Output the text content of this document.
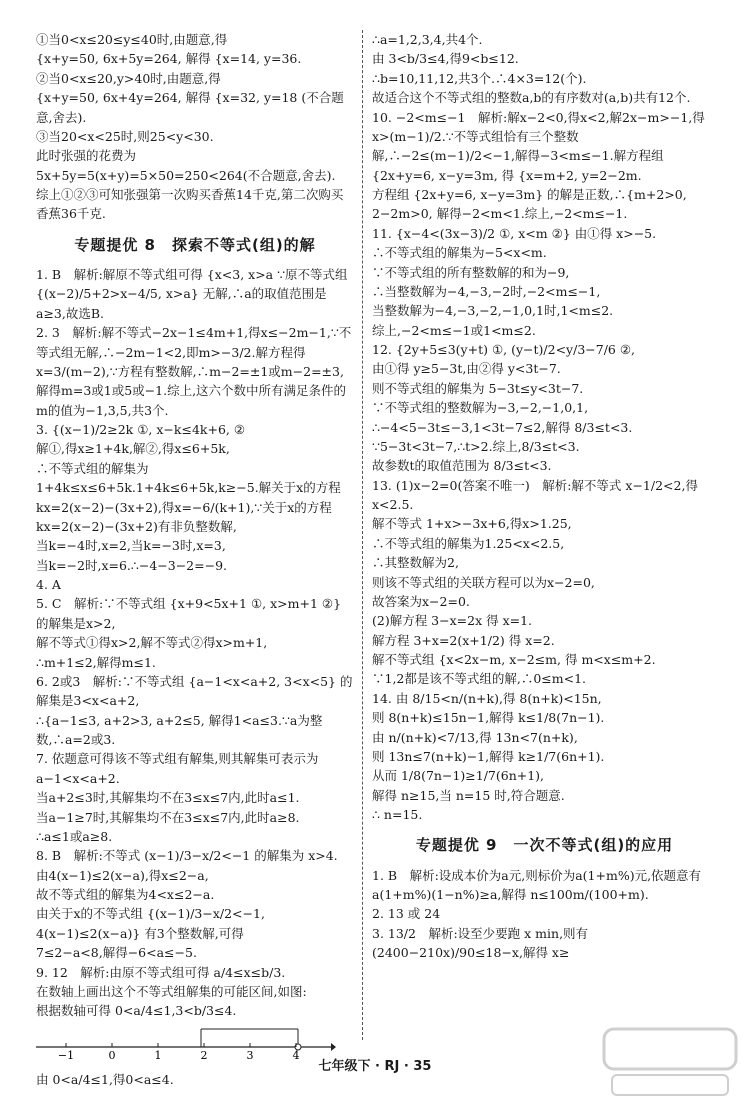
①当0<x≤20≤y≤40时,由题意,得
{x+y=50, 6x+5y=264, 解得 {x=14, y=36.
②当0<x≤20,y>40时,由题意,得
{x+y=50, 6x+4y=264, 解得 {x=32, y=18 (不合题意,舍去).
③当20<x<25时,则25<y<30.
此时张强的花费为5x+5y=5(x+y)=5×50=250<264(不合题意,舍去).
综上①②③可知张强第一次购买香蕉14千克,第二次购买香蕉36千克.
专题提优 8　探索不等式(组)的解
1. B　解析:解原不等式组可得 {x<3, x>a ∵原不等式组 {(x−2)/5+2>x−4/5, x>a} 无解,∴a的取值范围是a≥3,故选B.
2. 3　解析:解不等式−2x−1≤4m+1,得x≤−2m−1,∵不等式组无解,∴−2m−1<2,即m>−3/2.解方程得 x=3/(m−2),∵方程有整数解,∴m−2=±1或m−2=±3,解得m=3或1或5或−1.综上,这六个数中所有满足条件的m的值为−1,3,5,共3个.
3. {(x−1)/2≥2k ①, x−k≤4k+6, ②
解①,得x≥1+4k,解②,得x≤6+5k,
∴不等式组的解集为1+4k≤x≤6+5k.1+4k≤6+5k,k≥−5.解关于x的方程kx=2(x−2)−(3x+2),得x=−6/(k+1),∵关于x的方程kx=2(x−2)−(3x+2)有非负整数解,
当k=−4时,x=2,当k=−3时,x=3,
当k=−2时,x=6.∴−4−3−2=−9.
4. A
5. C　解析:∵不等式组 {x+9<5x+1 ①, x>m+1 ②} 的解集是x>2,
解不等式①得x>2,解不等式②得x>m+1,
∴m+1≤2,解得m≤1.
6. 2或3　解析:∵不等式组 {a−1<x<a+2, 3<x<5} 的解集是3<x<a+2,
∴{a−1≤3, a+2>3, a+2≤5, 解得1<a≤3.∵a为整数,∴a=2或3.
7. 依题意可得该不等式组有解集,则其解集可表示为a−1<x<a+2.
当a+2≤3时,其解集均不在3≤x≤7内,此时a≤1.
当a−1≥7时,其解集均不在3≤x≤7内,此时a≥8.
∴a≤1或a≥8.
8. B　解析:不等式 (x−1)/3−x/2<−1 的解集为 x>4.
由4(x−1)≤2(x−a),得x≤2−a,
故不等式组的解集为4<x≤2−a.
由关于x的不等式组 {(x−1)/3−x/2<−1, 4(x−1)≤2(x−a)} 有3个整数解,可得
7≤2−a<8,解得−6<a≤−5.
9. 12　解析:由原不等式组可得 a/4≤x≤b/3.
在数轴上画出这个不等式组解集的可能区间,如图:
根据数轴可得 0<a/4≤1,3<b/3≤4.
−1	0	1	2	3	4
由 0<a/4≤1,得0<a≤4.
∴a=1,2,3,4,共4个.
由 3<b/3≤4,得9<b≤12.
∴b=10,11,12,共3个.∴4×3=12(个).
故适合这个不等式组的整数a,b的有序数对(a,b)共有12个.
10. −2<m≤−1　解析:解x−2<0,得x<2,解2x−m>−1,得x>(m−1)/2.∵不等式组恰有三个整数解,∴−2≤(m−1)/2<−1,解得−3<m≤−1.解方程组 {2x+y=6, x−y=3m, 得 {x=m+2, y=2−2m.
方程组 {2x+y=6, x−y=3m} 的解是正数,∴{m+2>0, 2−2m>0, 解得−2<m<1.综上,−2<m≤−1.
11. {x−4<(3x−3)/2 ①, x<m ②} 由①得 x>−5.
∴不等式组的解集为−5<x<m.
∵不等式组的所有整数解的和为−9,
∴当整数解为−4,−3,−2时,−2<m≤−1,
当整数解为−4,−3,−2,−1,0,1时,1<m≤2.
综上,−2<m≤−1或1<m≤2.
12. {2y+5≤3(y+t) ①, (y−t)/2<y/3−7/6 ②,
由①得 y≥5−3t,由②得 y<3t−7.
则不等式组的解集为 5−3t≤y<3t−7.
∵不等式组的整数解为−3,−2,−1,0,1,
∴−4<5−3t≤−3,1<3t−7≤2,解得 8/3≤t<3.
∵5−3t<3t−7,∴t>2.综上,8/3≤t<3.
故参数t的取值范围为 8/3≤t<3.
13. (1)x−2=0(答案不唯一)　解析:解不等式 x−1/2<2,得x<2.5.
解不等式 1+x>−3x+6,得x>1.25,
∴不等式组的解集为1.25<x<2.5,
∴其整数解为2,
则该不等式组的关联方程可以为x−2=0,
故答案为x−2=0.
(2)解方程 3−x=2x 得 x=1.
解方程 3+x=2(x+1/2) 得 x=2.
解不等式组 {x<2x−m, x−2≤m, 得 m<x≤m+2.
∵1,2都是该不等式组的解,∴0≤m<1.
14. 由 8/15<n/(n+k),得 8(n+k)<15n,
则 8(n+k)≤15n−1,解得 k≤1/8(7n−1).
由 n/(n+k)<7/13,得 13n<7(n+k),
则 13n≤7(n+k)−1,解得 k≥1/7(6n+1).
从而 1/8(7n−1)≥1/7(6n+1),
解得 n≥15,当 n=15 时,符合题意.
∴ n=15.
专题提优 9　一次不等式(组)的应用
1. B　解析:设成本价为a元,则标价为a(1+m%)元,依题意有
a(1+m%)(1−n%)≥a,解得 n≤100m/(100+m).
2. 13 或 24
3. 13/2　解析:设至少要跑 x min,则有 (2400−210x)/90≤18−x,解得 x≥
七年级下 · RJ · 35
